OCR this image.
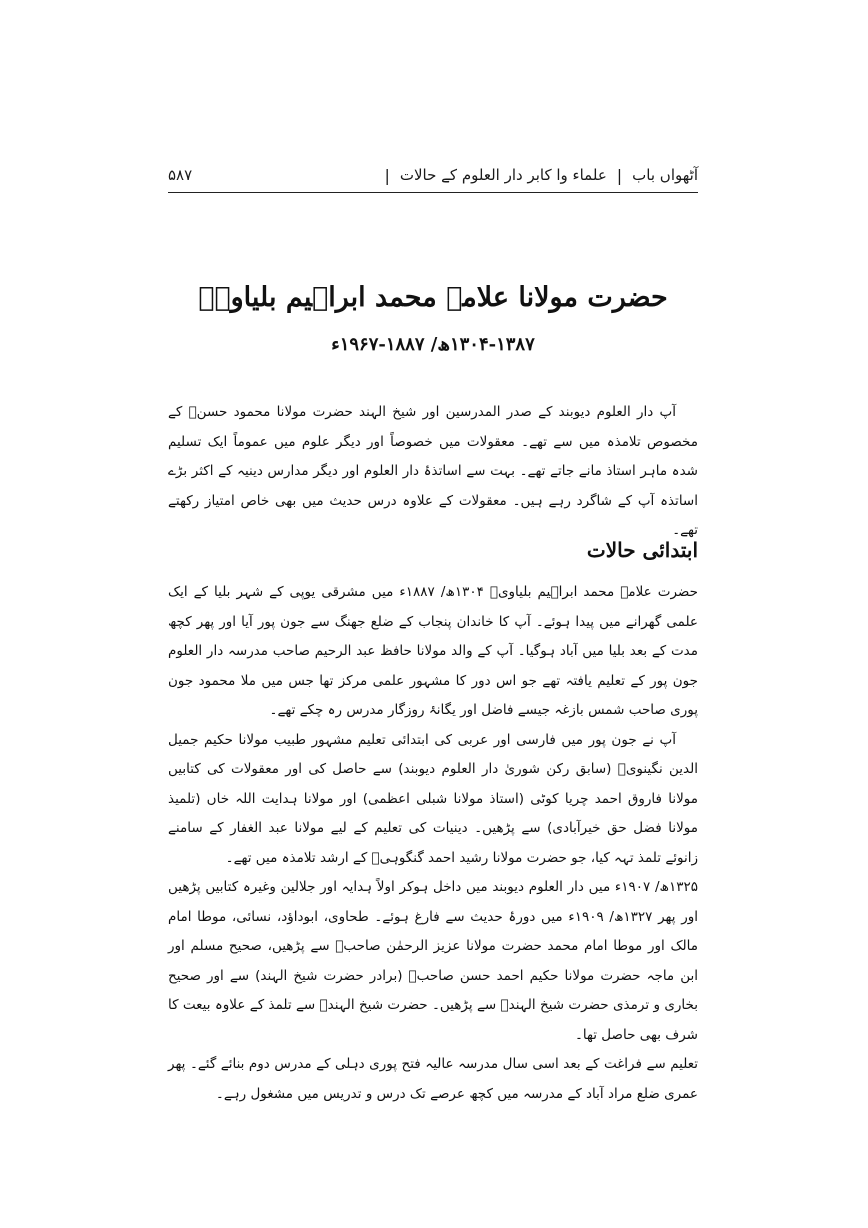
آٹھواں باب
|
علماء وا کابر دار العلوم کے حالات
|
۵۸۷
حضرت مولانا علامہ محمد ابراہیم بلیاویؒ
۱۳۰۴-۱۳۸۷ھ/ ۱۸۸۷-۱۹۶۷ء

آپ دار العلوم دیوبند کے صدر المدرسین اور شیخ الہند حضرت مولانا محمود حسنؒ کے مخصوص تلامذہ میں سے تھے۔ معقولات میں خصوصاً اور دیگر علوم میں عموماً ایک تسلیم شدہ ماہر استاذ مانے جاتے تھے۔ بہت سے اساتذۂ دار العلوم اور دیگر مدارس دینیہ کے اکثر بڑے اساتذہ آپ کے شاگرد رہے ہیں۔ معقولات کے علاوہ درس حدیث میں بھی خاص امتیاز رکھتے تھے۔

ابتدائی حالات

حضرت علامہ محمد ابراہیم بلیاویؒ ۱۳۰۴ھ/ ۱۸۸۷ء میں مشرقی یوپی کے شہر بلیا کے ایک علمی گھرانے میں پیدا ہوئے۔ آپ کا خاندان پنجاب کے ضلع جھنگ سے جون پور آیا اور پھر کچھ مدت کے بعد بلیا میں آباد ہوگیا۔ آپ کے والد مولانا حافظ عبد الرحیم صاحب مدرسہ دار العلوم جون پور کے تعلیم یافتہ تھے جو اس دور کا مشہور علمی مرکز تھا جس میں ملا محمود جون پوری صاحب شمس بازغہ جیسے فاضل اور یگانۂ روزگار مدرس رہ چکے تھے۔

آپ نے جون پور میں فارسی اور عربی کی ابتدائی تعلیم مشہور طبیب مولانا حکیم جمیل الدین نگینویؒ (سابق رکن شوریٰ دار العلوم دیوبند) سے حاصل کی اور معقولات کی کتابیں مولانا فاروق احمد چریا کوٹی (استاذ مولانا شبلی اعظمی) اور مولانا ہدایت اللہ خاں (تلمیذ مولانا فضل حق خیرآبادی) سے پڑھیں۔ دینیات کی تعلیم کے لیے مولانا عبد الغفار کے سامنے زانوئے تلمذ تہہ کیا، جو حضرت مولانا رشید احمد گنگوہیؒ کے ارشد تلامذہ میں تھے۔

۱۳۲۵ھ/ ۱۹۰۷ء میں دار العلوم دیوبند میں داخل ہوکر اولاً ہدایہ اور جلالین وغیرہ کتابیں پڑھیں اور پھر ۱۳۲۷ھ/ ۱۹۰۹ء میں دورۂ حدیث سے فارغ ہوئے۔ طحاوی، ابوداؤد، نسائی، موطا امام مالک اور موطا امام محمد حضرت مولانا عزیز الرحمٰن صاحبؒ سے پڑھیں، صحیح مسلم اور ابن ماجہ حضرت مولانا حکیم احمد حسن صاحبؒ (برادر حضرت شیخ الہند) سے اور صحیح بخاری و ترمذی حضرت شیخ الہندؒ سے پڑھیں۔ حضرت شیخ الہندؒ سے تلمذ کے علاوہ بیعت کا شرف بھی حاصل تھا۔

تعلیم سے فراغت کے بعد اسی سال مدرسہ عالیہ فتح پوری دہلی کے مدرس دوم بنائے گئے۔ پھر عمری ضلع مراد آباد کے مدرسہ میں کچھ عرصے تک درس و تدریس میں مشغول رہے۔
